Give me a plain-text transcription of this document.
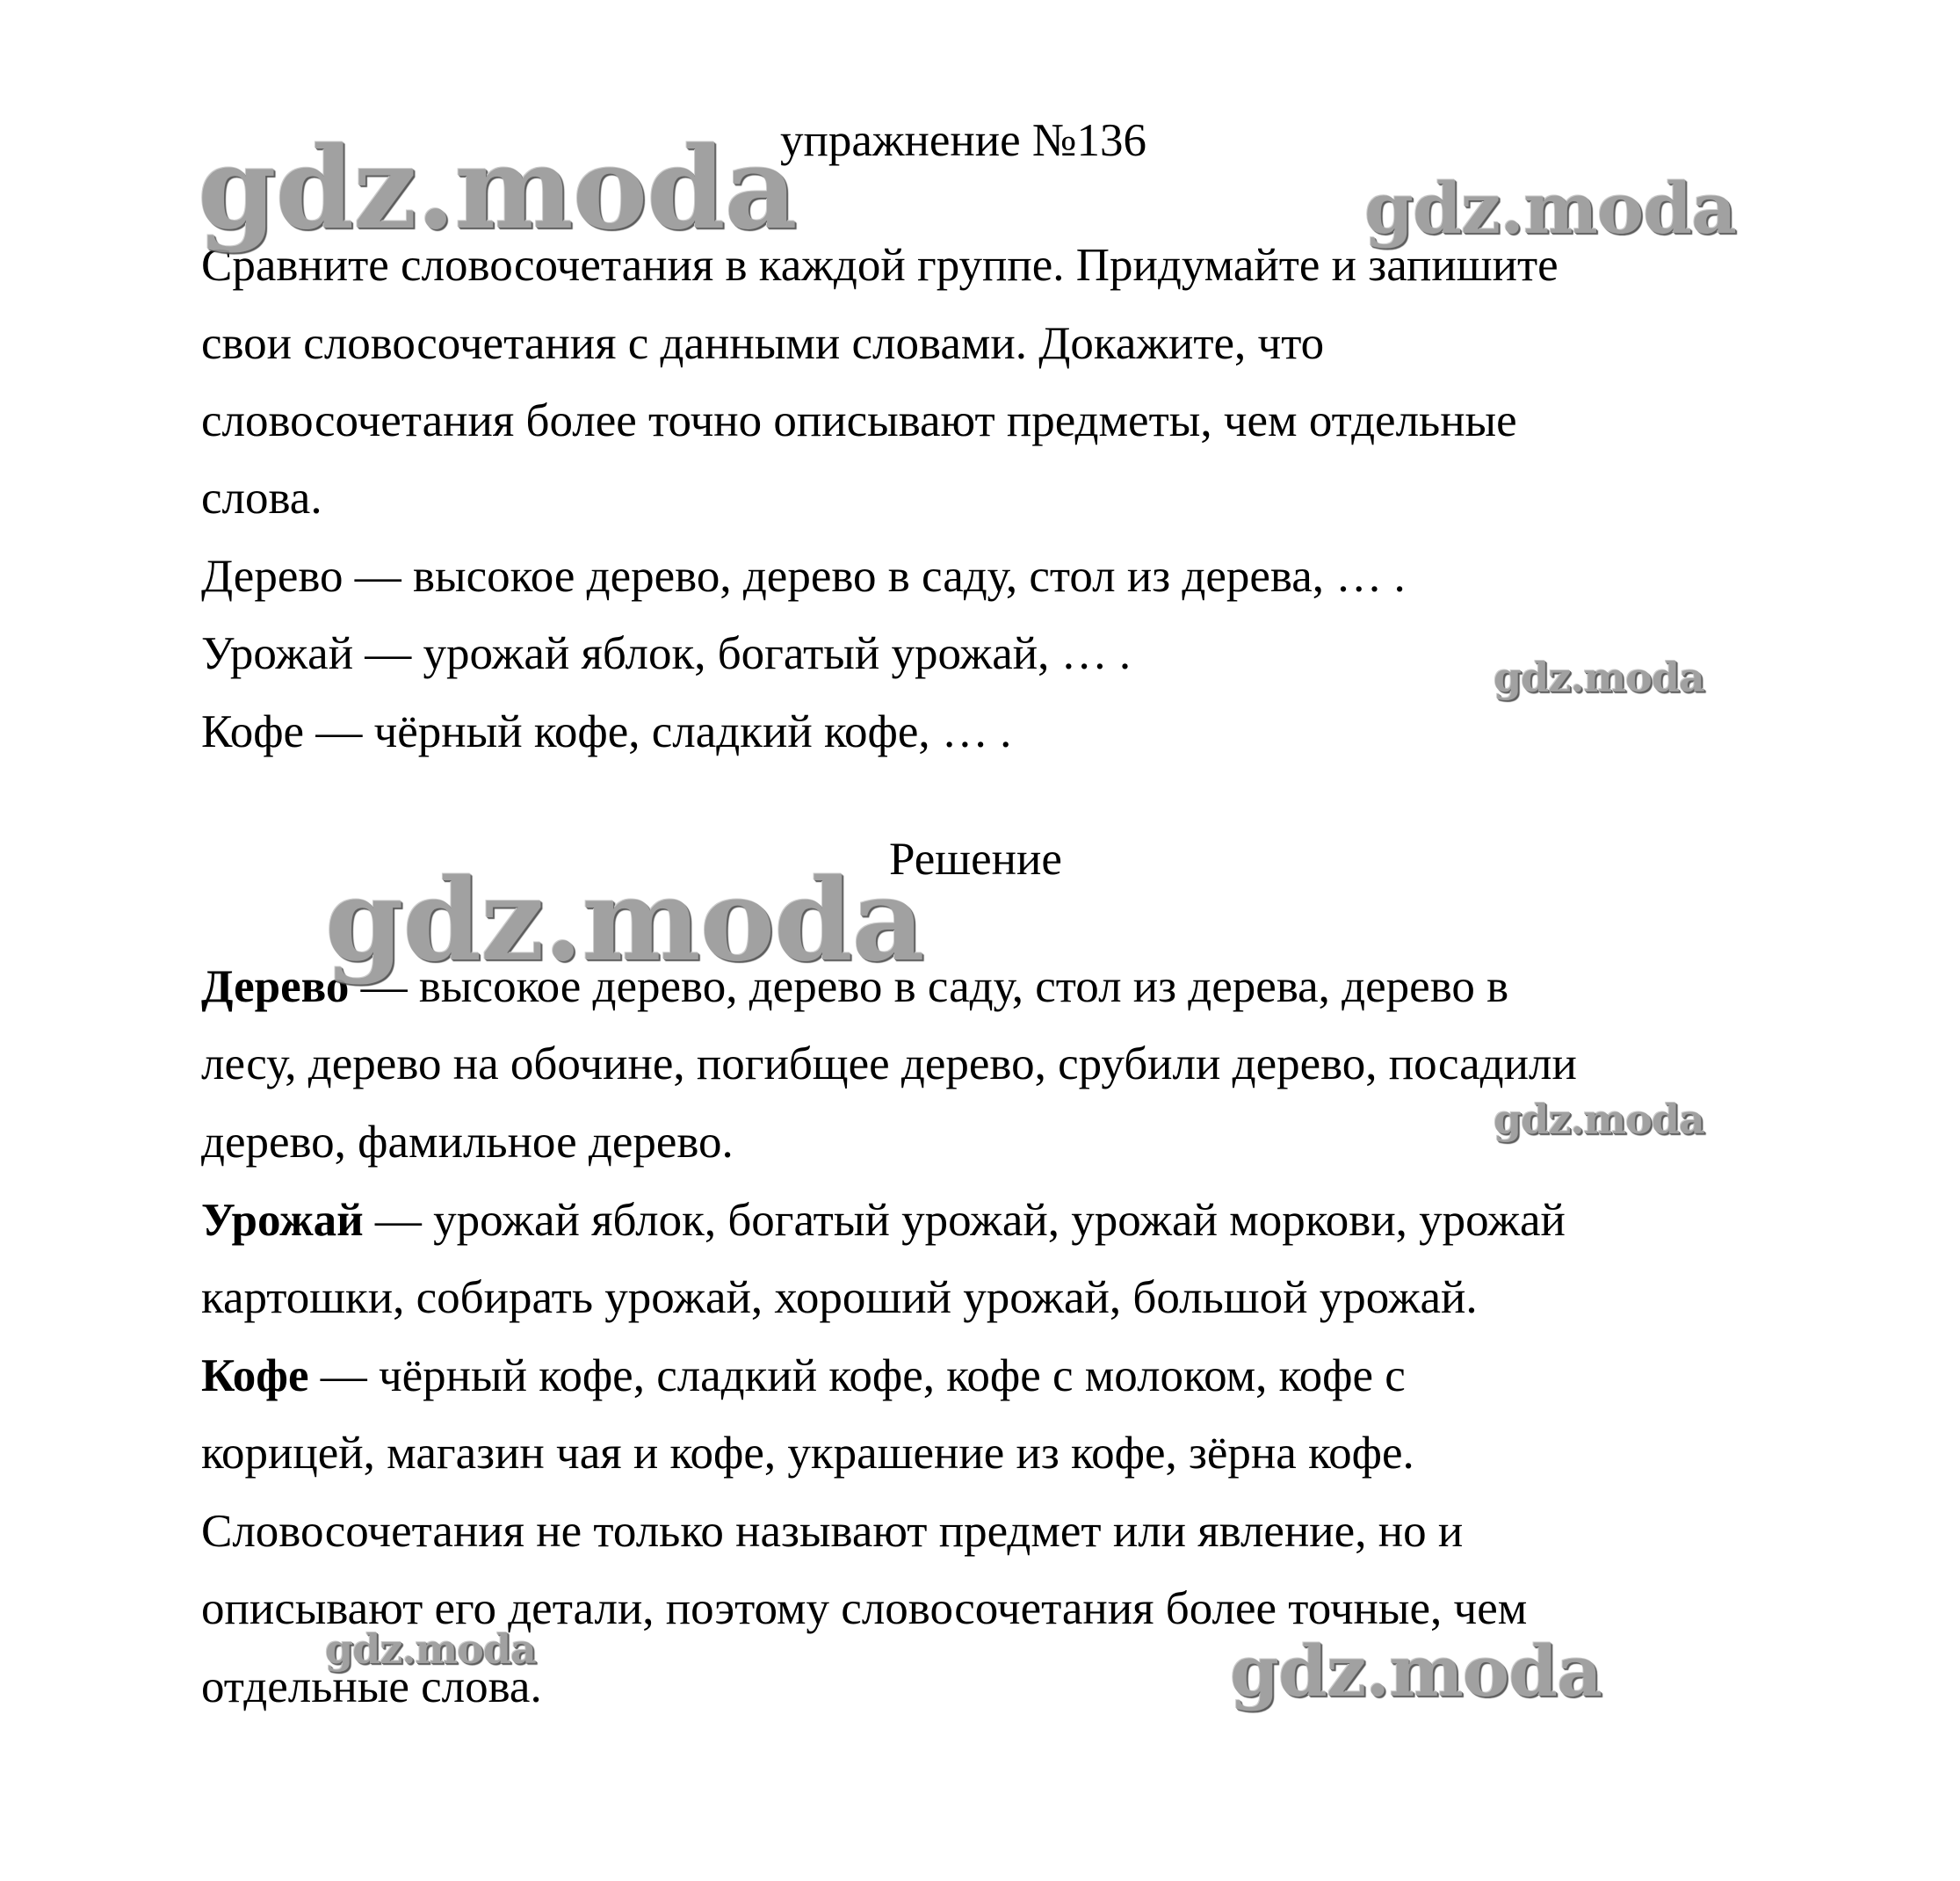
упражнение №136
Сравните словосочетания в каждой группе. Придумайте и запишите
свои словосочетания с данными словами. Докажите, что
словосочетания более точно описывают предметы, чем отдельные
слова.
Дерево — высокое дерево, дерево в саду, стол из дерева, … .
Урожай — урожай яблок, богатый урожай, … .
Кофе — чёрный кофе, сладкий кофе, … .
Решение
Дерево — высокое дерево, дерево в саду, стол из дерева, дерево в
лесу, дерево на обочине, погибщее дерево, срубили дерево, посадили
дерево, фамильное дерево.
Урожай — урожай яблок, богатый урожай, урожай моркови, урожай
картошки, собирать урожай, хороший урожай, большой урожай.
Кофе — чёрный кофе, сладкий кофе, кофе с молоком, кофе с
корицей, магазин чая и кофе, украшение из кофе, зёрна кофе.
Словосочетания не только называют предмет или явление, но и
описывают его детали, поэтому словосочетания более точные, чем
отдельные слова.
gdz.moda	gdz.moda
gdz.moda
gdz.moda
gdz.moda
gdz.moda	gdz.moda
